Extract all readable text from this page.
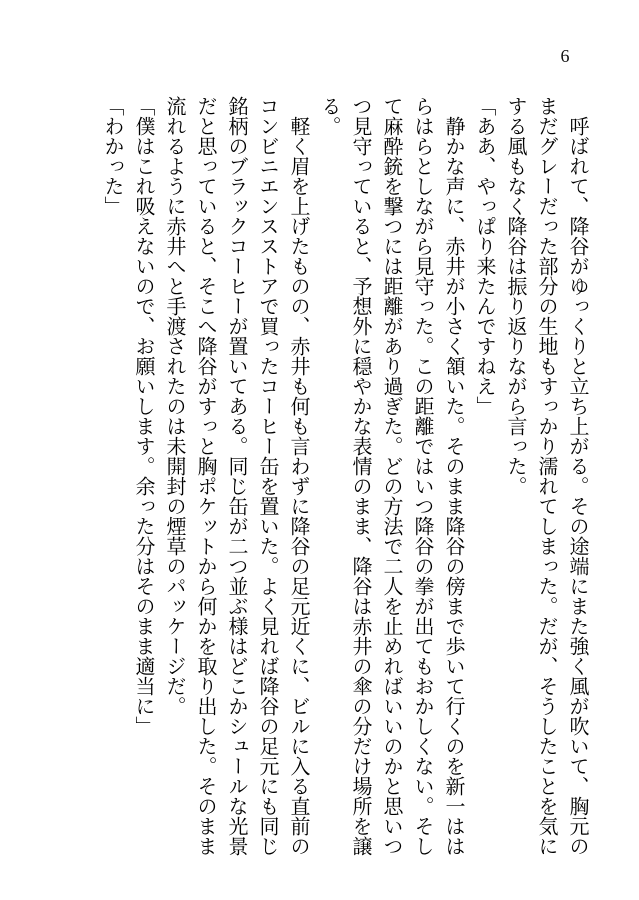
6

呼ばれて、降谷がゆっくりと立ち上がる。その途端にまた強く風が吹いて、胸元のまだグレーだった部分の生地もすっかり濡れてしまった。だが、そうしたことを気にする風もなく降谷は振り返りながら言った。

「ああ、やっぱり来たんですねえ」

静かな声に、赤井が小さく頷いた。そのまま降谷の傍まで歩いて行くのを新一ははらはらとしながら見守った。この距離ではいつ降谷の拳が出てもおかしくない。そして麻酔銃を撃つには距離があり過ぎた。どの方法で二人を止めればいいのかと思いつつ見守っていると、予想外に穏やかな表情のまま、降谷は赤井の傘の分だけ場所を譲る。

軽く眉を上げたものの、赤井も何も言わずに降谷の足元近くに、ビルに入る直前のコンビニエンスストアで買ったコーヒー缶を置いた。よく見れば降谷の足元にも同じ銘柄のブラックコーヒーが置いてある。同じ缶が二つ並ぶ様はどこかシュールな光景だと思っていると、そこへ降谷がすっと胸ポケットから何かを取り出した。そのまま流れるように赤井へと手渡されたのは未開封の煙草のパッケージだ。

「僕はこれ吸えないので、お願いします。余った分はそのまま適当に」

「わかった」
